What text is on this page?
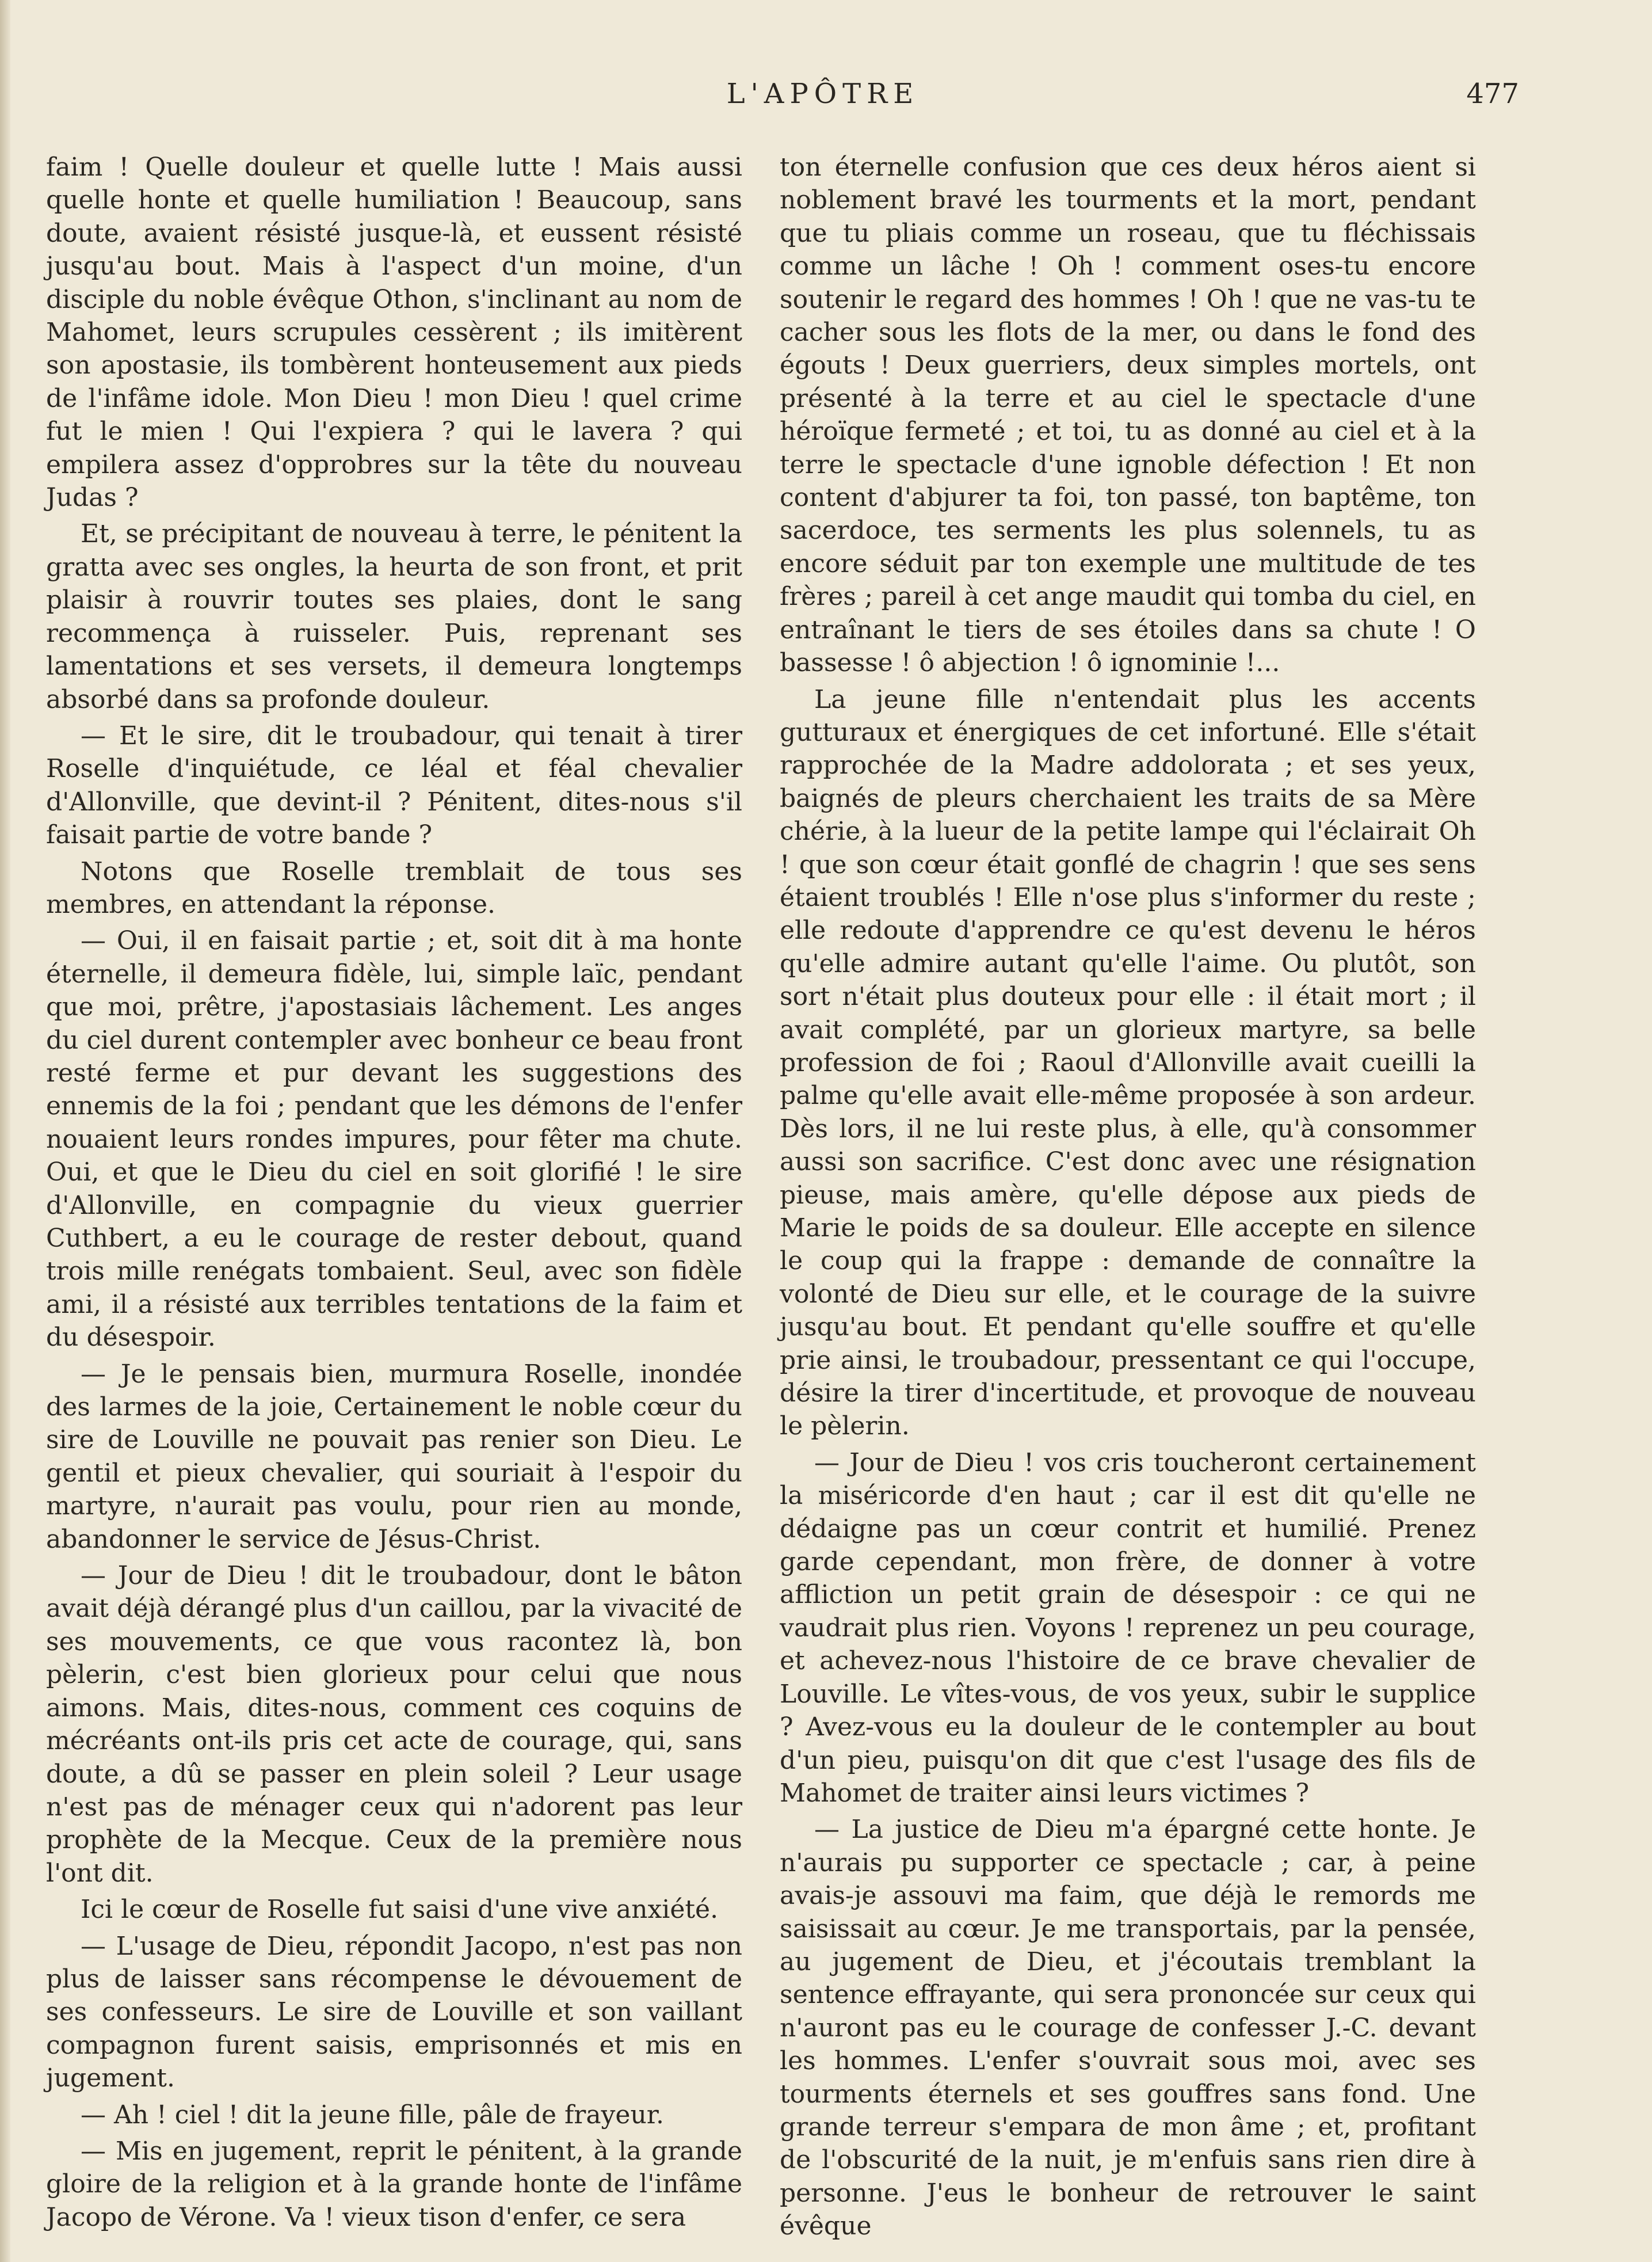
L'APÔTRE	477

faim ! Quelle douleur et quelle lutte ! Mais aussi quelle honte et quelle humiliation ! Beaucoup, sans doute, avaient résisté jusque-là, et eussent résisté jusqu'au bout. Mais à l'aspect d'un moine, d'un disciple du noble évêque Othon, s'inclinant au nom de Mahomet, leurs scrupules cessèrent ; ils imitèrent son apostasie, ils tombèrent honteusement aux pieds de l'infâme idole. Mon Dieu ! mon Dieu ! quel crime fut le mien ! Qui l'expiera ? qui le lavera ? qui empilera assez d'opprobres sur la tête du nouveau Judas ?

Et, se précipitant de nouveau à terre, le pénitent la gratta avec ses ongles, la heurta de son front, et prit plaisir à rouvrir toutes ses plaies, dont le sang recommença à ruisseler. Puis, reprenant ses lamentations et ses versets, il demeura longtemps absorbé dans sa profonde douleur.

— Et le sire, dit le troubadour, qui tenait à tirer Roselle d'inquiétude, ce léal et féal chevalier d'Allonville, que devint-il ? Pénitent, dites-nous s'il faisait partie de votre bande ?

Notons que Roselle tremblait de tous ses membres, en attendant la réponse.

— Oui, il en faisait partie ; et, soit dit à ma honte éternelle, il demeura fidèle, lui, simple laïc, pendant que moi, prêtre, j'apostasiais lâchement. Les anges du ciel durent contempler avec bonheur ce beau front resté ferme et pur devant les suggestions des ennemis de la foi ; pendant que les démons de l'enfer nouaient leurs rondes impures, pour fêter ma chute. Oui, et que le Dieu du ciel en soit glorifié ! le sire d'Allonville, en compagnie du vieux guerrier Cuthbert, a eu le courage de rester debout, quand trois mille renégats tombaient. Seul, avec son fidèle ami, il a résisté aux terribles tentations de la faim et du désespoir.

— Je le pensais bien, murmura Roselle, inondée des larmes de la joie, Certainement le noble cœur du sire de Louville ne pouvait pas renier son Dieu. Le gentil et pieux chevalier, qui souriait à l'espoir du martyre, n'aurait pas voulu, pour rien au monde, abandonner le service de Jésus-Christ.

— Jour de Dieu ! dit le troubadour, dont le bâton avait déjà dérangé plus d'un caillou, par la vivacité de ses mouvements, ce que vous racontez là, bon pèlerin, c'est bien glorieux pour celui que nous aimons. Mais, dites-nous, comment ces coquins de mécréants ont-ils pris cet acte de courage, qui, sans doute, a dû se passer en plein soleil ? Leur usage n'est pas de ménager ceux qui n'adorent pas leur prophète de la Mecque. Ceux de la première nous l'ont dit.

Ici le cœur de Roselle fut saisi d'une vive anxiété.

— L'usage de Dieu, répondit Jacopo, n'est pas non plus de laisser sans récompense le dévouement de ses confesseurs. Le sire de Louville et son vaillant compagnon furent saisis, emprisonnés et mis en jugement.

— Ah ! ciel ! dit la jeune fille, pâle de frayeur.

— Mis en jugement, reprit le pénitent, à la grande gloire de la religion et à la grande honte de l'infâme Jacopo de Vérone. Va ! vieux tison d'enfer, ce sera

ton éternelle confusion que ces deux héros aient si noblement bravé les tourments et la mort, pendant que tu pliais comme un roseau, que tu fléchissais comme un lâche ! Oh ! comment oses-tu encore soutenir le regard des hommes ! Oh ! que ne vas-tu te cacher sous les flots de la mer, ou dans le fond des égouts ! Deux guerriers, deux simples mortels, ont présenté à la terre et au ciel le spectacle d'une héroïque fermeté ; et toi, tu as donné au ciel et à la terre le spectacle d'une ignoble défection ! Et non content d'abjurer ta foi, ton passé, ton baptême, ton sacerdoce, tes serments les plus solennels, tu as encore séduit par ton exemple une multitude de tes frères ; pareil à cet ange maudit qui tomba du ciel, en entraînant le tiers de ses étoiles dans sa chute ! O bassesse ! ô abjection ! ô ignominie !...

La jeune fille n'entendait plus les accents gutturaux et énergiques de cet infortuné. Elle s'était rapprochée de la Madre addolorata ; et ses yeux, baignés de pleurs cherchaient les traits de sa Mère chérie, à la lueur de la petite lampe qui l'éclairait Oh ! que son cœur était gonflé de chagrin ! que ses sens étaient troublés ! Elle n'ose plus s'informer du reste ; elle redoute d'apprendre ce qu'est devenu le héros qu'elle admire autant qu'elle l'aime. Ou plutôt, son sort n'était plus douteux pour elle : il était mort ; il avait complété, par un glorieux martyre, sa belle profession de foi ; Raoul d'Allonville avait cueilli la palme qu'elle avait elle-même proposée à son ardeur. Dès lors, il ne lui reste plus, à elle, qu'à consommer aussi son sacrifice. C'est donc avec une résignation pieuse, mais amère, qu'elle dépose aux pieds de Marie le poids de sa douleur. Elle accepte en silence le coup qui la frappe : demande de connaître la volonté de Dieu sur elle, et le courage de la suivre jusqu'au bout. Et pendant qu'elle souffre et qu'elle prie ainsi, le troubadour, pressentant ce qui l'occupe, désire la tirer d'incertitude, et provoque de nouveau le pèlerin.

— Jour de Dieu ! vos cris toucheront certainement la miséricorde d'en haut ; car il est dit qu'elle ne dédaigne pas un cœur contrit et humilié. Prenez garde cependant, mon frère, de donner à votre affliction un petit grain de désespoir : ce qui ne vaudrait plus rien. Voyons ! reprenez un peu courage, et achevez-nous l'histoire de ce brave chevalier de Louville. Le vîtes-vous, de vos yeux, subir le supplice ? Avez-vous eu la douleur de le contempler au bout d'un pieu, puisqu'on dit que c'est l'usage des fils de Mahomet de traiter ainsi leurs victimes ?

— La justice de Dieu m'a épargné cette honte. Je n'aurais pu supporter ce spectacle ; car, à peine avais-je assouvi ma faim, que déjà le remords me saisissait au cœur. Je me transportais, par la pensée, au jugement de Dieu, et j'écoutais tremblant la sentence effrayante, qui sera prononcée sur ceux qui n'auront pas eu le courage de confesser J.-C. devant les hommes. L'enfer s'ouvrait sous moi, avec ses tourments éternels et ses gouffres sans fond. Une grande terreur s'empara de mon âme ; et, profitant de l'obscurité de la nuit, je m'enfuis sans rien dire à personne. J'eus le bonheur de retrouver le saint évêque
